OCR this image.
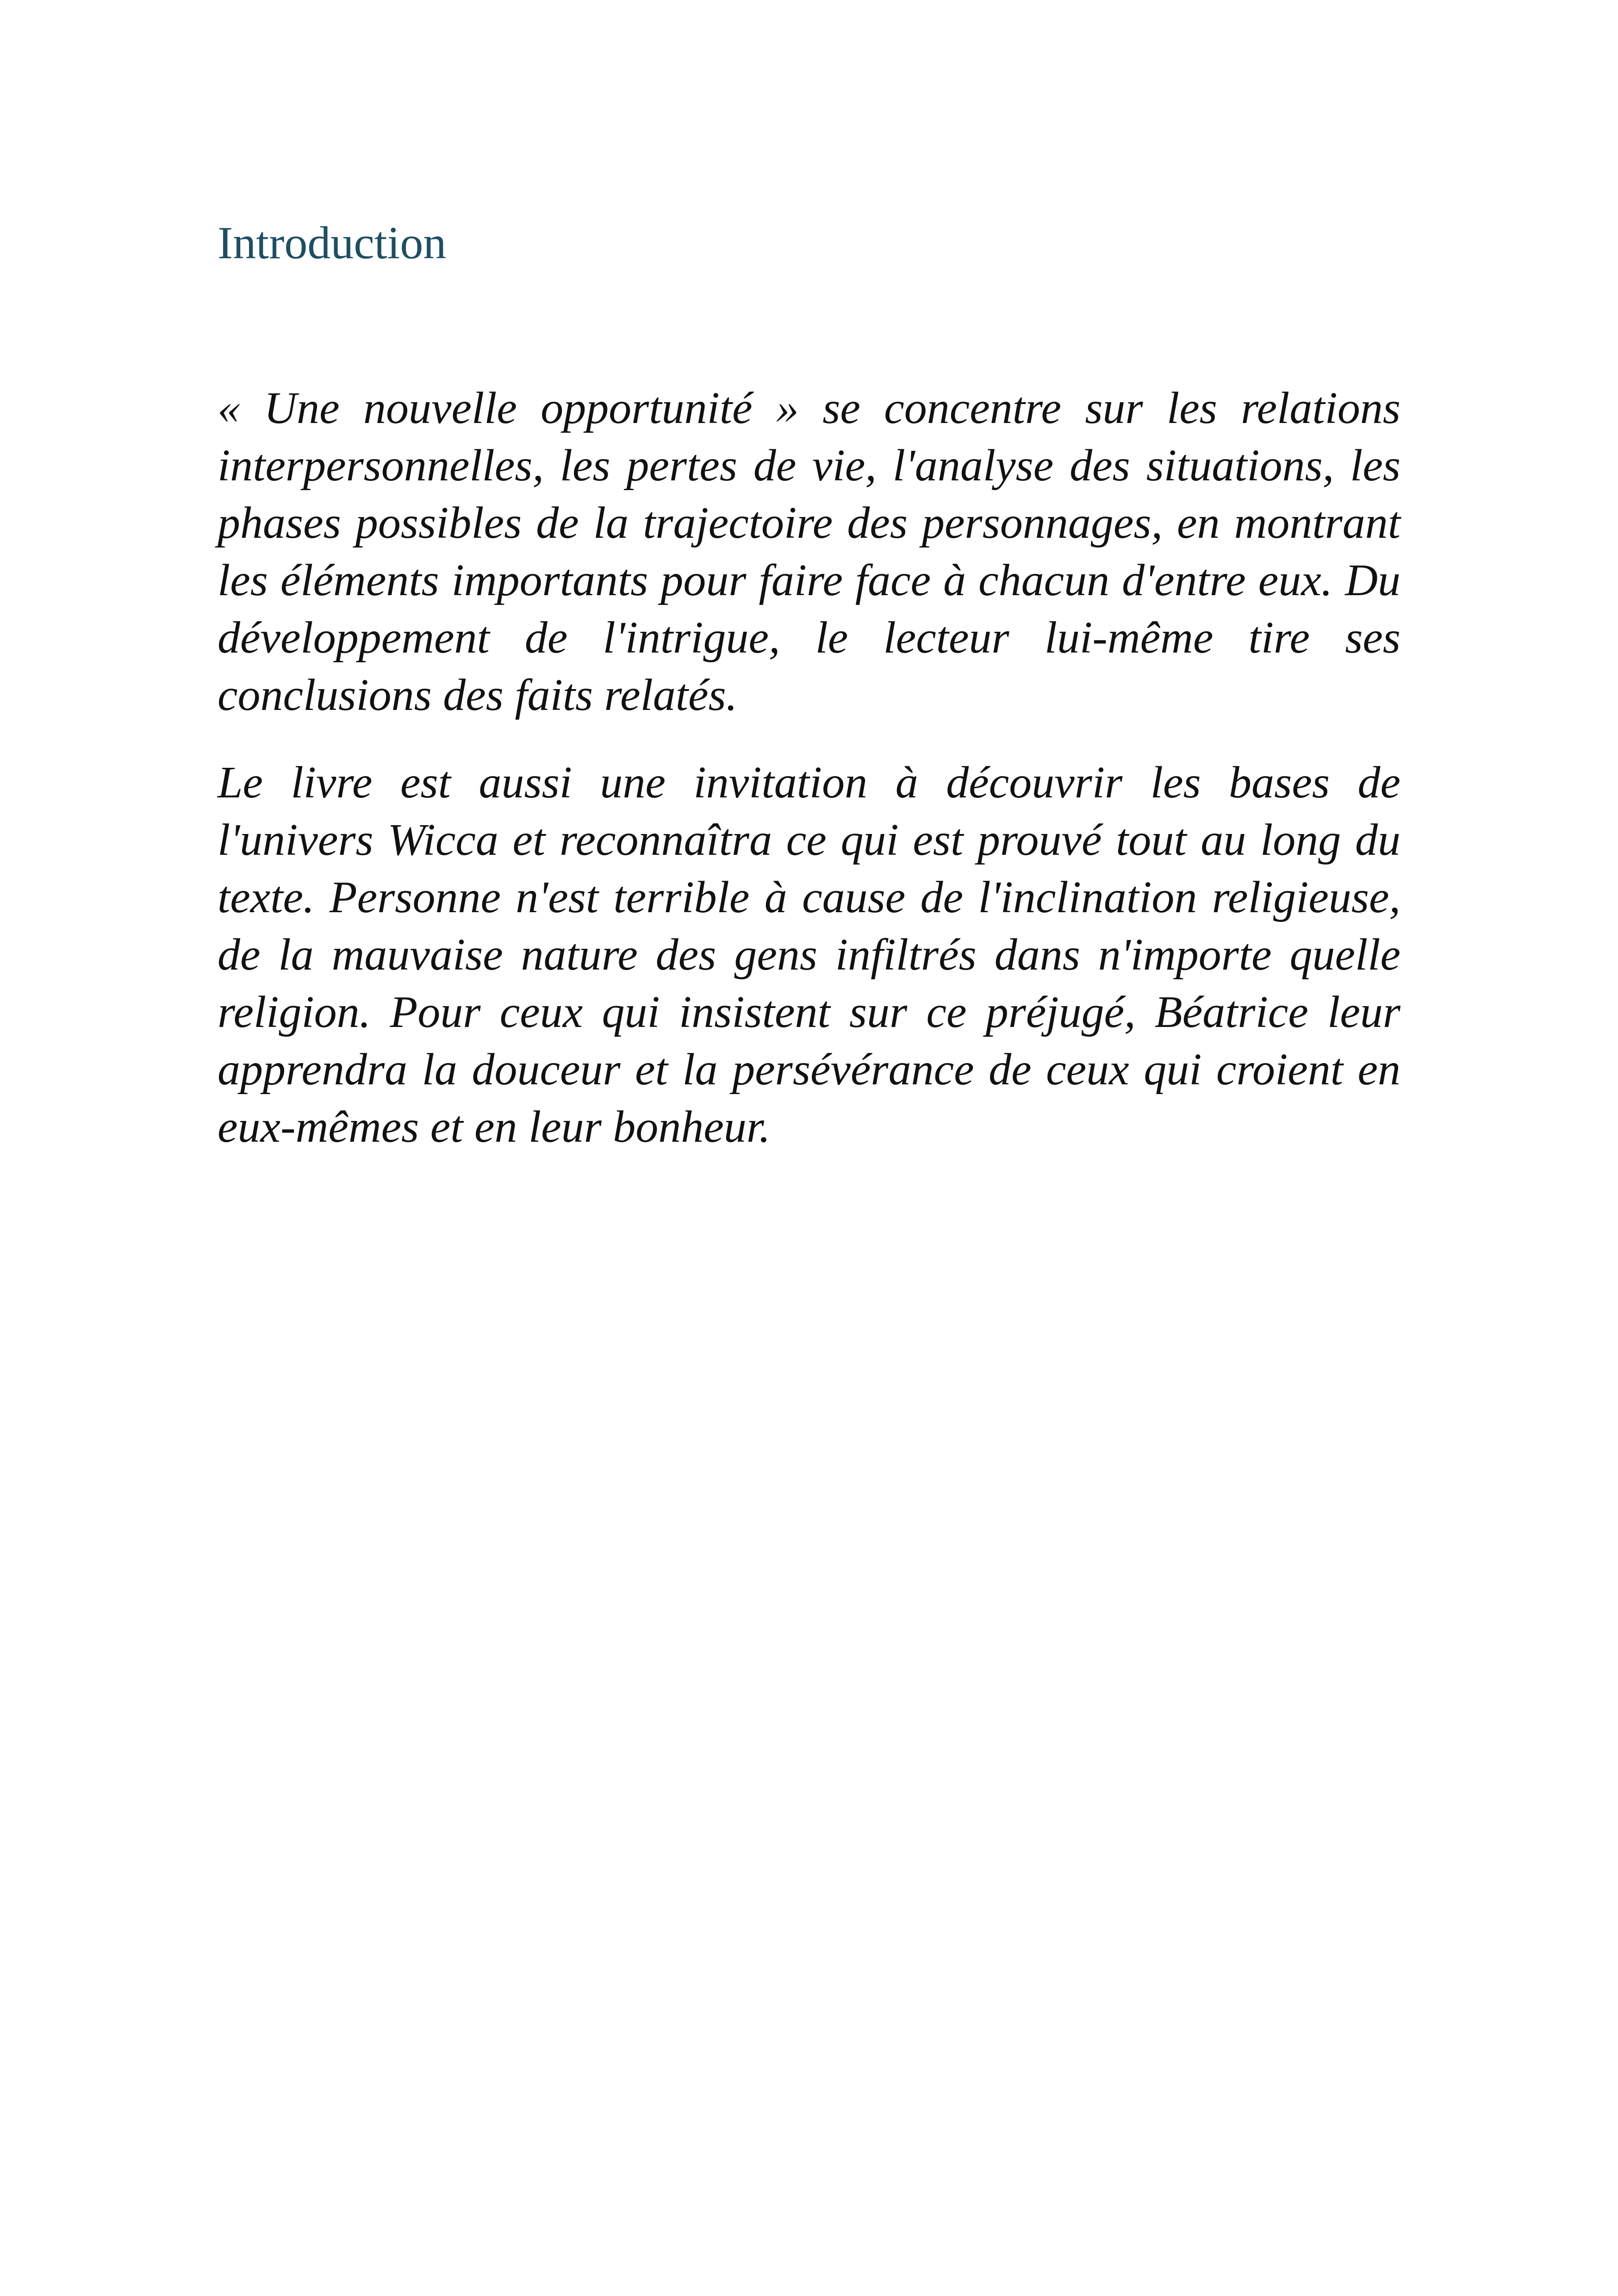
Introduction

« Une nouvelle opportunité » se concentre sur les relations interpersonnelles, les pertes de vie, l'analyse des situations, les phases possibles de la trajectoire des personnages, en montrant les éléments importants pour faire face à chacun d'entre eux. Du développement de l'intrigue, le lecteur lui-même tire ses conclusions des faits relatés.

Le livre est aussi une invitation à découvrir les bases de l'univers Wicca et reconnaîtra ce qui est prouvé tout au long du texte. Personne n'est terrible à cause de l'inclination religieuse, de la mauvaise nature des gens infiltrés dans n'importe quelle religion. Pour ceux qui insistent sur ce préjugé, Béatrice leur apprendra la douceur et la persévérance de ceux qui croient en eux-mêmes et en leur bonheur.
